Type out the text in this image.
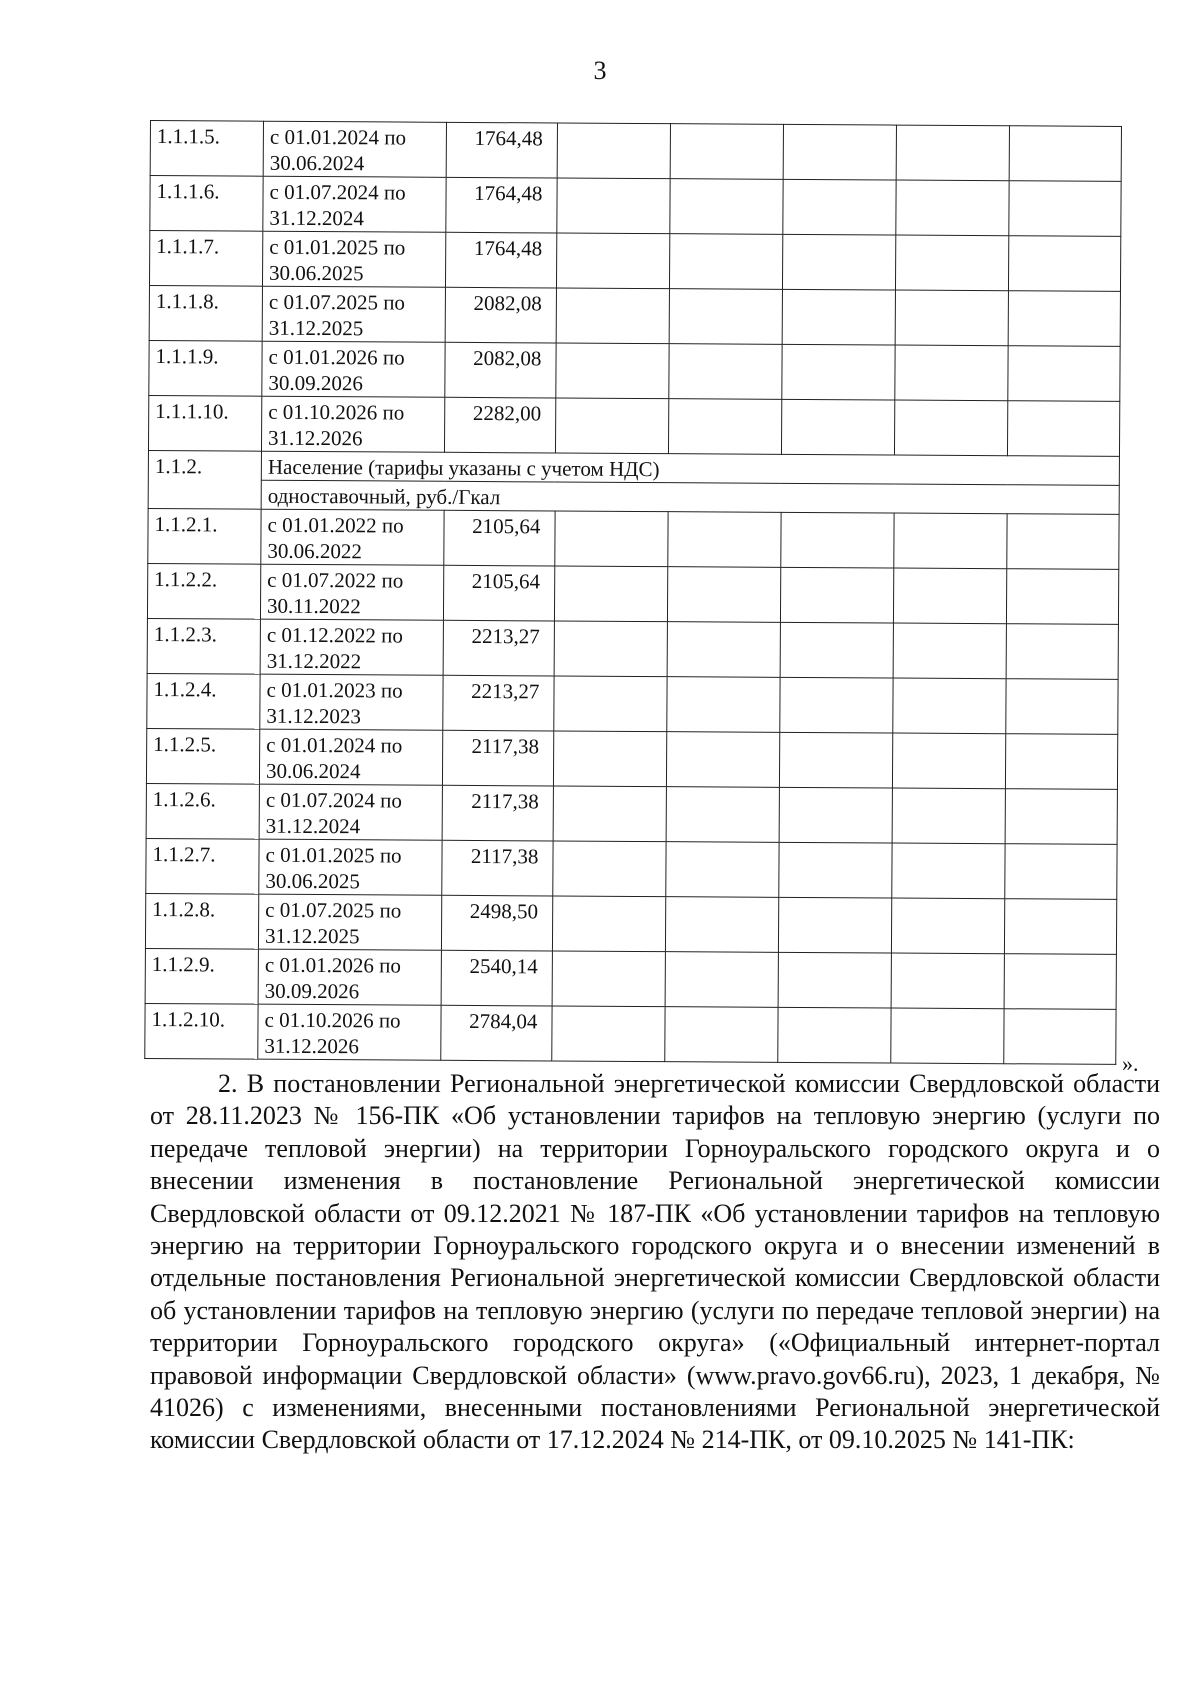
3
1.1.1.5.	с 01.01.2024 по 30.06.2024	1764,48					
1.1.1.6.	с 01.07.2024 по 31.12.2024	1764,48					
1.1.1.7.	с 01.01.2025 по 30.06.2025	1764,48					
1.1.1.8.	с 01.07.2025 по 31.12.2025	2082,08					
1.1.1.9.	с 01.01.2026 по 30.09.2026	2082,08					
1.1.1.10.	с 01.10.2026 по 31.12.2026	2282,00					
1.1.2.	Население (тарифы указаны с учетом НДС)						
	одноставочный, руб./Гкал						
1.1.2.1.	с 01.01.2022 по 30.06.2022	2105,64					
1.1.2.2.	с 01.07.2022 по 30.11.2022	2105,64					
1.1.2.3.	с 01.12.2022 по 31.12.2022	2213,27					
1.1.2.4.	с 01.01.2023 по 31.12.2023	2213,27					
1.1.2.5.	с 01.01.2024 по 30.06.2024	2117,38					
1.1.2.6.	с 01.07.2024 по 31.12.2024	2117,38					
1.1.2.7.	с 01.01.2025 по 30.06.2025	2117,38					
1.1.2.8.	с 01.07.2025 по 31.12.2025	2498,50					
1.1.2.9.	с 01.01.2026 по 30.09.2026	2540,14					
1.1.2.10.	с 01.10.2026 по 31.12.2026	2784,04					
».

2. В постановлении Региональной энергетической комиссии Свердловской области от 28.11.2023 № 156-ПК «Об установлении тарифов на тепловую энергию (услуги по передаче тепловой энергии) на территории Горноуральского городского округа и о внесении изменения в постановление Региональной энергетической комиссии Свердловской области от 09.12.2021 № 187-ПК «Об установлении тарифов на тепловую энергию на территории Горноуральского городского округа и о внесении изменений в отдельные постановления Региональной энергетической комиссии Свердловской области об установлении тарифов на тепловую энергию (услуги по передаче тепловой энергии) на территории Горноуральского городского округа» («Официальный интернет-портал правовой информации Свердловской области» (www.pravo.gov66.ru), 2023, 1 декабря, № 41026) с изменениями, внесенными постановлениями Региональной энергетической комиссии Свердловской области от 17.12.2024 № 214-ПК, от 09.10.2025 № 141-ПК:
